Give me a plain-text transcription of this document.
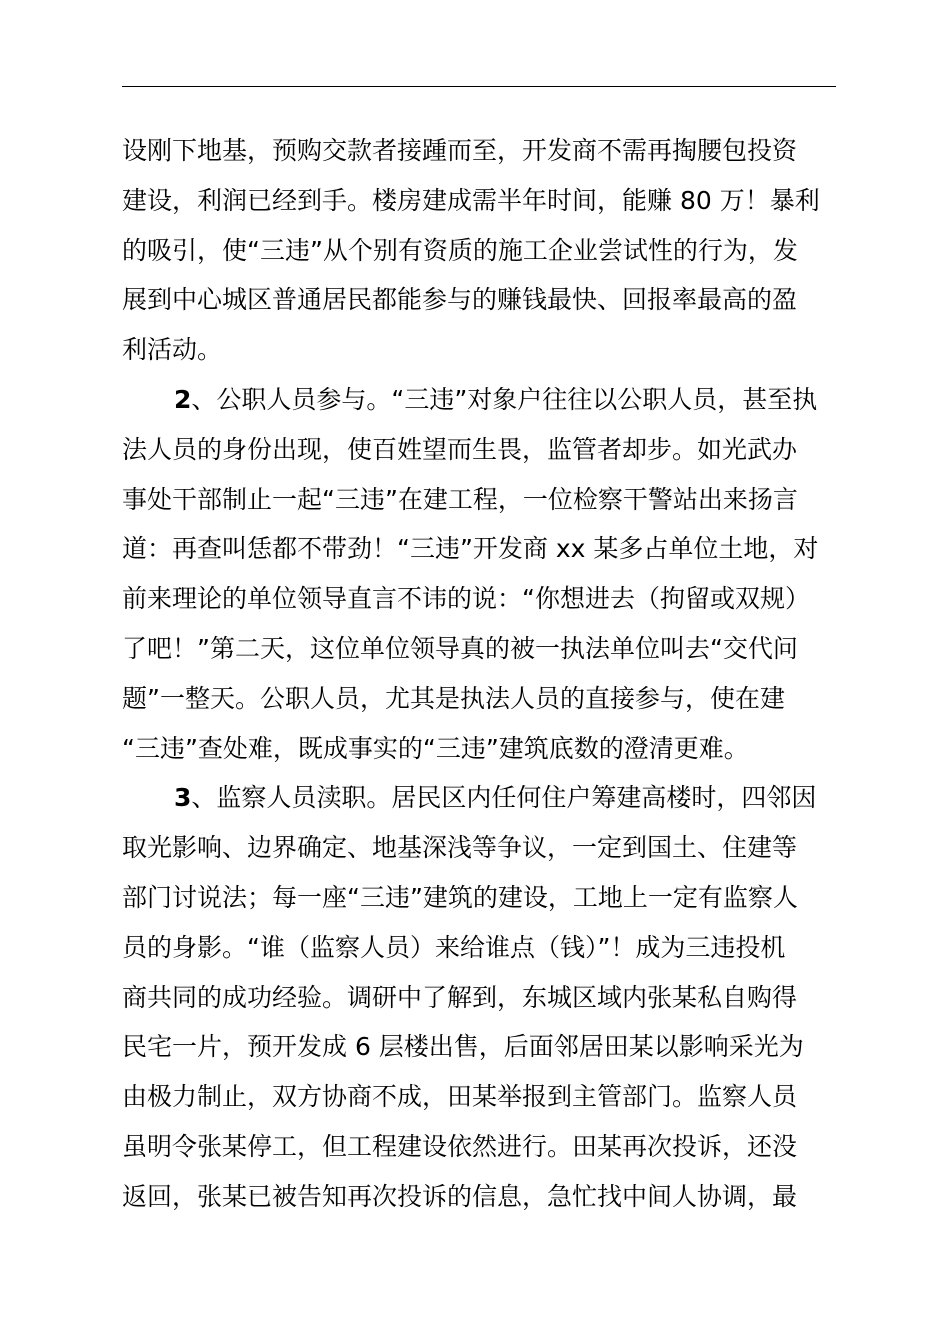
设刚下地基，预购交款者接踵而至，开发商不需再掏腰包投资
建设，利润已经到手。楼房建成需半年时间，能赚 80 万！暴利
的吸引，使“三违”从个别有资质的施工企业尝试性的行为，发
展到中心城区普通居民都能参与的赚钱最快、回报率最高的盈
利活动。
2、公职人员参与。“三违”对象户往往以公职人员，甚至执
法人员的身份出现，使百姓望而生畏，监管者却步。如光武办
事处干部制止一起“三违”在建工程，一位检察干警站出来扬言
道：再查叫恁都不带劲！“三违”开发商 xx 某多占单位土地，对
前来理论的单位领导直言不讳的说：“你想进去（拘留或双规）
了吧！”第二天，这位单位领导真的被一执法单位叫去“交代问
题”一整天。公职人员，尤其是执法人员的直接参与，使在建
“三违”查处难，既成事实的“三违”建筑底数的澄清更难。
3、监察人员渎职。居民区内任何住户筹建高楼时，四邻因
取光影响、边界确定、地基深浅等争议，一定到国土、住建等
部门讨说法；每一座“三违”建筑的建设，工地上一定有监察人
员的身影。“谁（监察人员）来给谁点（钱）”！成为三违投机
商共同的成功经验。调研中了解到，东城区域内张某私自购得
民宅一片，预开发成 6 层楼出售，后面邻居田某以影响采光为
由极力制止，双方协商不成，田某举报到主管部门。监察人员
虽明令张某停工，但工程建设依然进行。田某再次投诉，还没
返回，张某已被告知再次投诉的信息，急忙找中间人协调，最
